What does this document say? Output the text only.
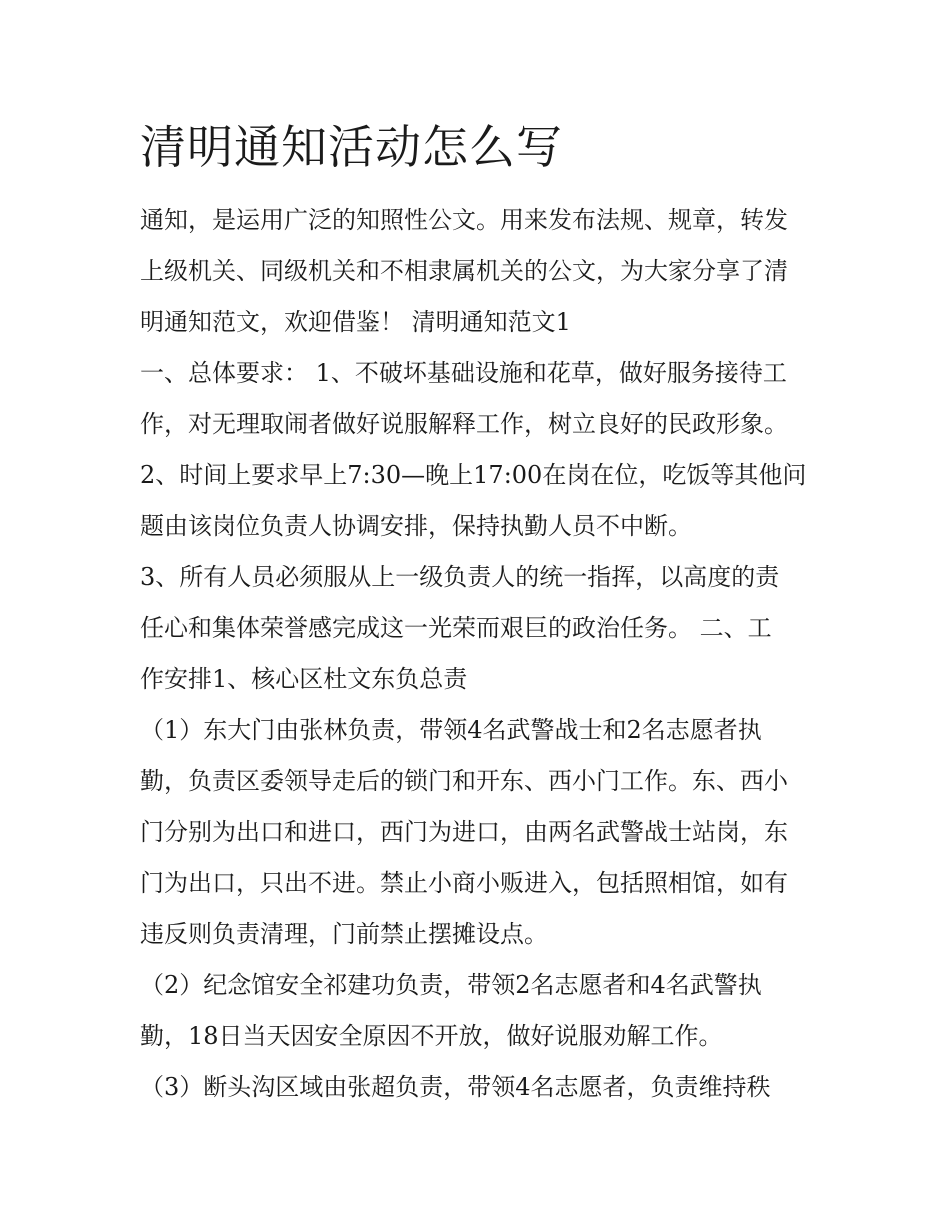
清明通知活动怎么写

通知，是运用广泛的知照性公文。用来发布法规、规章，转发

上级机关、同级机关和不相隶属机关的公文，为大家分享了清

明通知范文，欢迎借鉴！ 清明通知范文1

一、总体要求： 1、不破坏基础设施和花草，做好服务接待工

作，对无理取闹者做好说服解释工作，树立良好的民政形象。

2、时间上要求早上7:30—晚上17:00在岗在位，吃饭等其他问

题由该岗位负责人协调安排，保持执勤人员不中断。

3、所有人员必须服从上一级负责人的统一指挥，以高度的责

任心和集体荣誉感完成这一光荣而艰巨的政治任务。 二、工

作安排1、核心区杜文东负总责

（1）东大门由张林负责，带领4名武警战士和2名志愿者执

勤，负责区委领导走后的锁门和开东、西小门工作。东、西小

门分别为出口和进口，西门为进口，由两名武警战士站岗，东

门为出口，只出不进。禁止小商小贩进入，包括照相馆，如有

违反则负责清理，门前禁止摆摊设点。

（2）纪念馆安全祁建功负责，带领2名志愿者和4名武警执

勤，18日当天因安全原因不开放，做好说服劝解工作。

（3）断头沟区域由张超负责，带领4名志愿者，负责维持秩
